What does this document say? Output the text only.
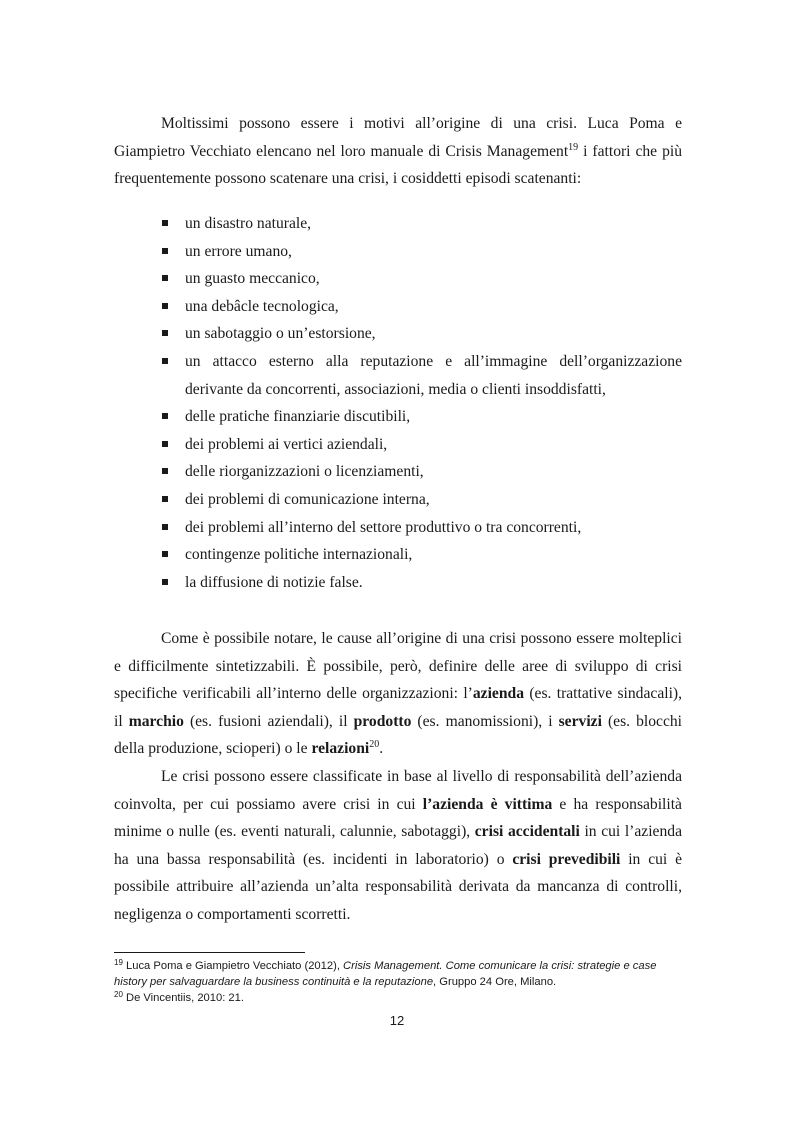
Moltissimi possono essere i motivi all’origine di una crisi. Luca Poma e Giampietro Vecchiato elencano nel loro manuale di Crisis Management$^{19}$ i fattori che più frequentemente possono scatenare una crisi, i cosiddetti episodi scatenanti:

un disastro naturale,
un errore umano,
un guasto meccanico,
una debâcle tecnologica,
un sabotaggio o un’estorsione,
un attacco esterno alla reputazione e all’immagine dell’organizzazione derivante da concorrenti, associazioni, media o clienti insoddisfatti,
delle pratiche finanziarie discutibili,
dei problemi ai vertici aziendali,
delle riorganizzazioni o licenziamenti,
dei problemi di comunicazione interna,
dei problemi all’interno del settore produttivo o tra concorrenti,
contingenze politiche internazionali,
la diffusione di notizie false.

Come è possibile notare, le cause all’origine di una crisi possono essere molteplici e difficilmente sintetizzabili. È possibile, però, definire delle aree di sviluppo di crisi specifiche verificabili all’interno delle organizzazioni: l’azienda (es. trattative sindacali), il marchio (es. fusioni aziendali), il prodotto (es. manomissioni), i servizi (es. blocchi della produzione, scioperi) o le relazioni$^{20}$.

Le crisi possono essere classificate in base al livello di responsabilità dell’azienda coinvolta, per cui possiamo avere crisi in cui l’azienda è vittima e ha responsabilità minime o nulle (es. eventi naturali, calunnie, sabotaggi), crisi accidentali in cui l’azienda ha una bassa responsabilità (es. incidenti in laboratorio) o crisi prevedibili in cui è possibile attribuire all’azienda un’alta responsabilità derivata da mancanza di controlli, negligenza o comportamenti scorretti.

$^{19}$ Luca Poma e Giampietro Vecchiato (2012), Crisis Management. Come comunicare la crisi: strategie e case history per salvaguardare la business continuità e la reputazione, Gruppo 24 Ore, Milano.

$^{20}$ De Vincentiis, 2010: 21.

12
